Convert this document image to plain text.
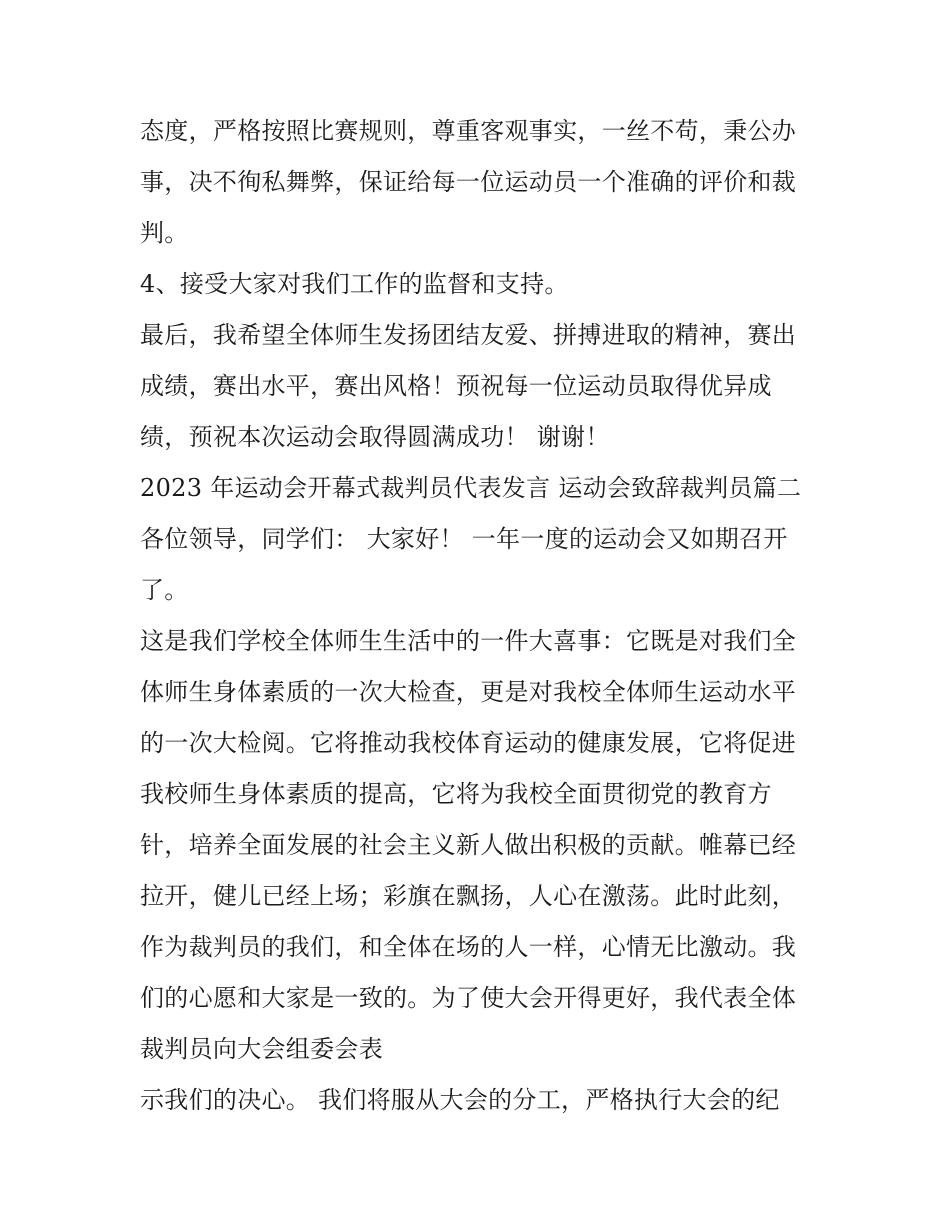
态度，严格按照比赛规则，尊重客观事实，一丝不苟，秉公办
事，决不徇私舞弊，保证给每一位运动员一个准确的评价和裁
判。
4、接受大家对我们工作的监督和支持。
最后，我希望全体师生发扬团结友爱、拼搏进取的精神，赛出
成绩，赛出水平，赛出风格！预祝每一位运动员取得优异成
绩，预祝本次运动会取得圆满成功！ 谢谢！
2023 年运动会开幕式裁判员代表发言 运动会致辞裁判员篇二
各位领导，同学们： 大家好！ 一年一度的运动会又如期召开
了。
这是我们学校全体师生生活中的一件大喜事：它既是对我们全
体师生身体素质的一次大检查，更是对我校全体师生运动水平
的一次大检阅。它将推动我校体育运动的健康发展，它将促进
我校师生身体素质的提高，它将为我校全面贯彻党的教育方
针，培养全面发展的社会主义新人做出积极的贡献。帷幕已经
拉开，健儿已经上场；彩旗在飘扬，人心在激荡。此时此刻，
作为裁判员的我们，和全体在场的人一样，心情无比激动。我
们的心愿和大家是一致的。为了使大会开得更好，我代表全体
裁判员向大会组委会表
示我们的决心。 我们将服从大会的分工，严格执行大会的纪
